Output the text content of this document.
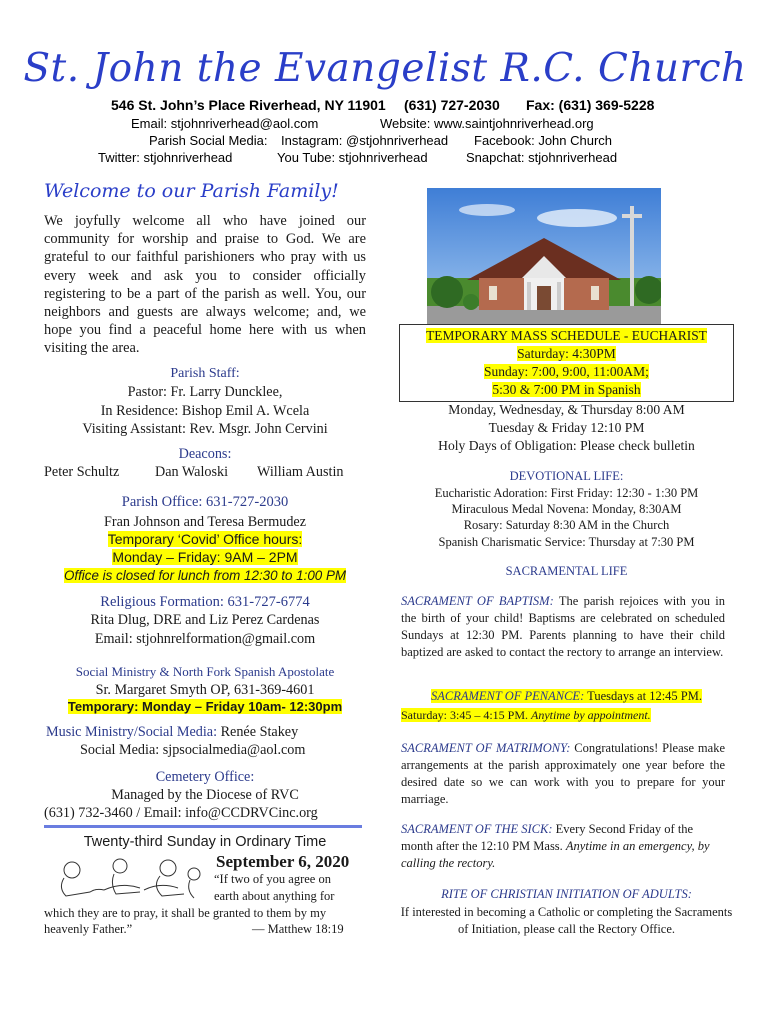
St. John the Evangelist R.C. Church
546 St. John’s Place Riverhead, NY 11901 (631) 727-2030 Fax: (631) 369-5228
Email: stjohnriverhead@aol.com	Website: www.saintjohnriverhead.org
Parish Social Media: Instagram: @stjohnriverhead Facebook: John Church
Twitter: stjohnriverhead	You Tube: stjohnriverhead	Snapchat: stjohnriverhead
Welcome to our Parish Family!
We joyfully welcome all who have joined our community for worship and praise to God. We are grateful to our faithful parishioners who pray with us every week and ask you to consider officially registering to be a part of the parish as well. You, our neighbors and guests are always welcome; and, we hope you find a peaceful home here with us when visiting the area.
Parish Staff:
Pastor: Fr. Larry Duncklee,
In Residence: Bishop Emil A. Wcela
Visiting Assistant: Rev. Msgr. John Cervini
Deacons:
Peter Schultz	Dan Waloski William Austin
Parish Office: 631-727-2030
Fran Johnson and Teresa Bermudez
Temporary ‘Covid’ Office hours:
Monday – Friday: 9AM – 2PM
Office is closed for lunch from 12:30 to 1:00 PM
Religious Formation: 631-727-6774
Rita Dlug, DRE and Liz Perez Cardenas
Email: stjohnrelformation@gmail.com
Social Ministry & North Fork Spanish Apostolate
Sr. Margaret Smyth OP, 631-369-4601
Temporary: Monday – Friday 10am- 12:30pm
Music Ministry/Social Media: Renée Stakey
Social Media: sjpsocialmedia@aol.com
Cemetery Office:
Managed by the Diocese of RVC
(631) 732-3460 / Email: info@CCDRVCinc.org
Twenty-third Sunday in Ordinary Time
September 6, 2020
“If two of you agree on
earth about anything for
which they are to pray, it shall be granted to them by my
heavenly Father.”	— Matthew 18:19
TEMPORARY MASS SCHEDULE - EUCHARIST
Saturday: 4:30PM
Sunday: 7:00, 9:00, 11:00AM;
5:30 & 7:00 PM in Spanish
Monday, Wednesday, & Thursday 8:00 AM
Tuesday & Friday 12:10 PM
Holy Days of Obligation: Please check bulletin
DEVOTIONAL LIFE:
Eucharistic Adoration: First Friday: 12:30 - 1:30 PM
Miraculous Medal Novena: Monday, 8:30AM
Rosary: Saturday 8:30 AM in the Church
Spanish Charismatic Service: Thursday at 7:30 PM
SACRAMENTAL LIFE
SACRAMENT OF BAPTISM: The parish rejoices with you in the birth of your child! Baptisms are celebrated on scheduled Sundays at 12:30 PM. Parents planning to have their child baptized are asked to contact the rectory to arrange an interview.
SACRAMENT OF PENANCE: Tuesdays at 12:45 PM.
Saturday: 3:45 – 4:15 PM. Anytime by appointment.
SACRAMENT OF MATRIMONY: Congratulations! Please make arrangements at the parish approximately one year before the desired date so we can work with you to prepare for your marriage.
SACRAMENT OF THE SICK: Every Second Friday of the month after the 12:10 PM Mass. Anytime in an emergency, by calling the rectory.
RITE OF CHRISTIAN INITIATION OF ADULTS:
If interested in becoming a Catholic or completing the Sacraments of Initiation, please call the Rectory Office.
